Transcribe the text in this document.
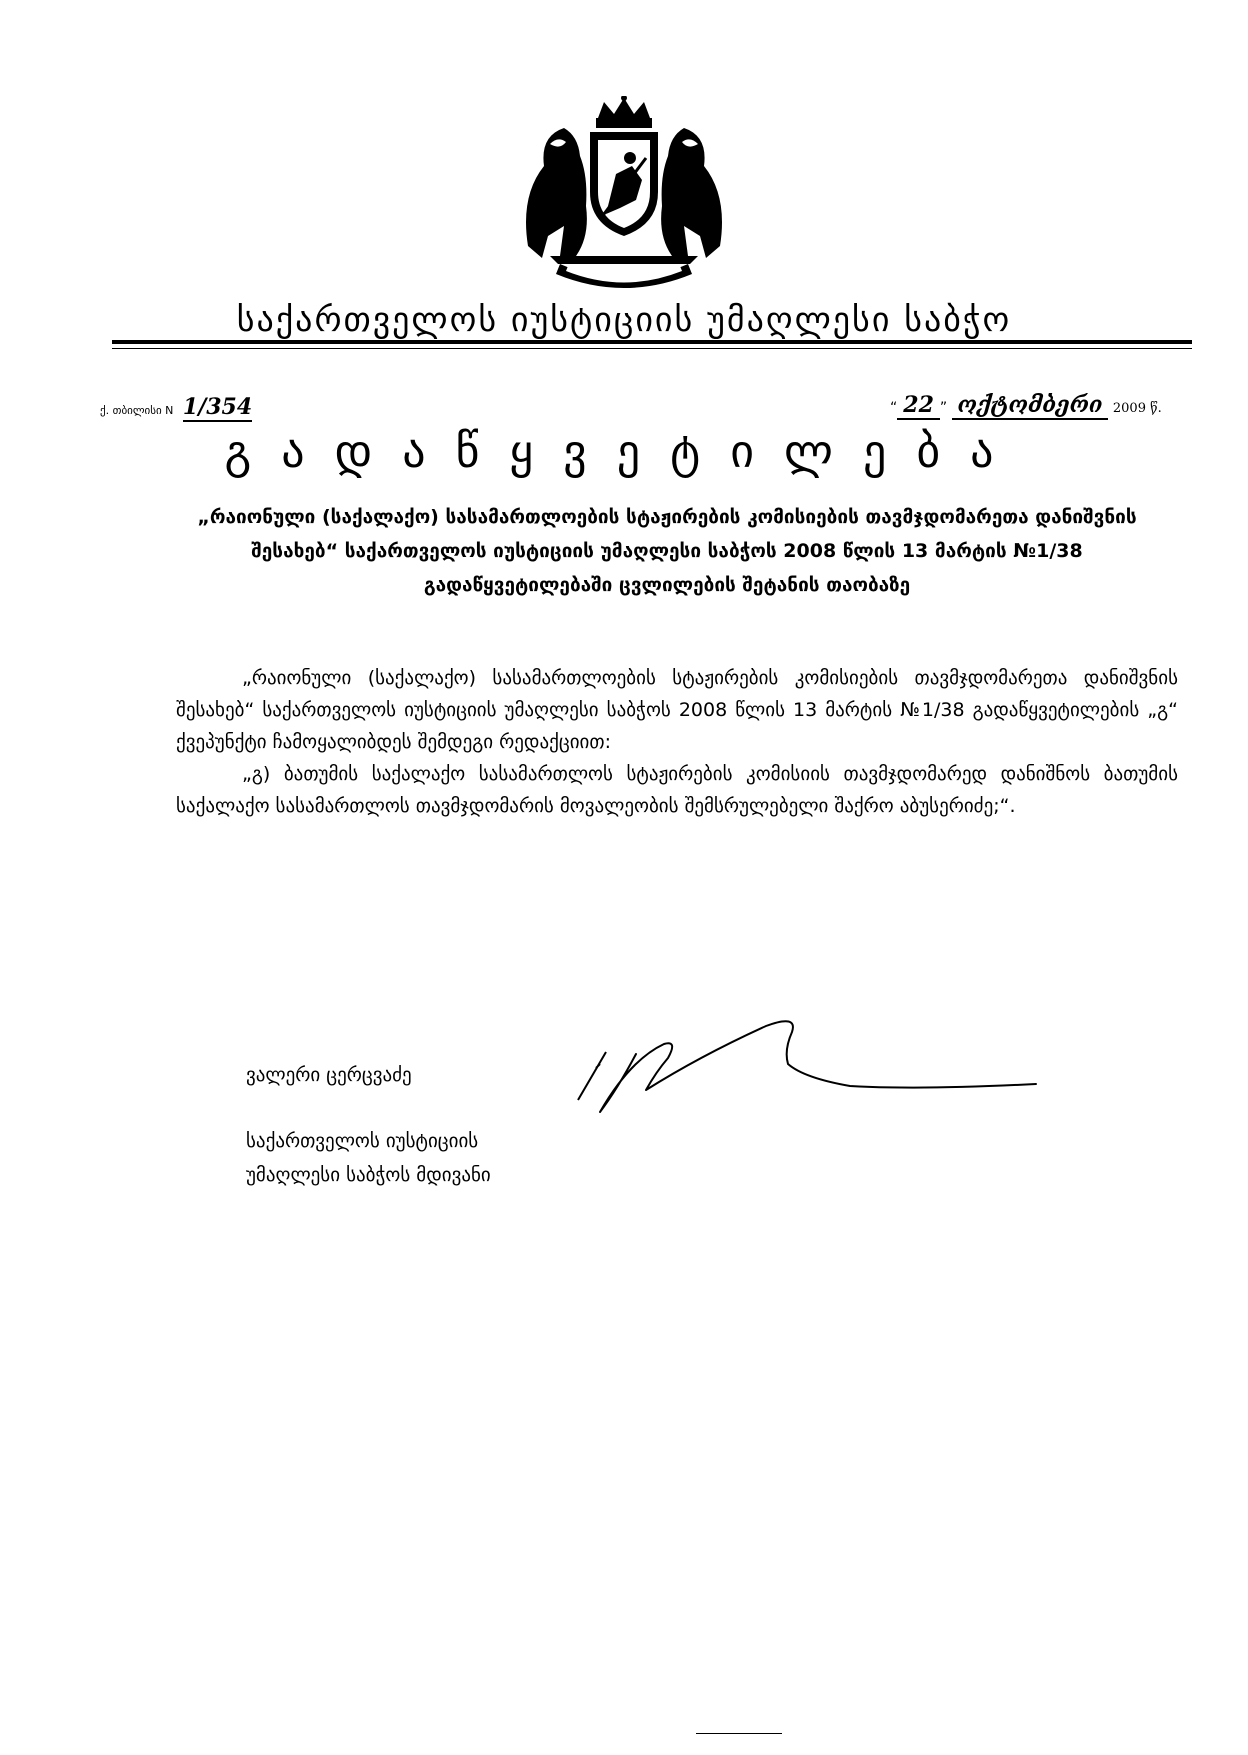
საქართველოს იუსტიციის უმაღლესი საბჭო
ქ. თბილისი N 1/354	“ 22 ” ოქტომბერი 2009 წ.
გადაწყვეტილება
„რაიონული (საქალაქო) სასამართლოების სტაჟირების კომისიების თავმჯდომარეთა დანიშვნის შესახებ“ საქართველოს იუსტიციის უმაღლესი საბჭოს 2008 წლის 13 მარტის №1/38 გადაწყვეტილებაში ცვლილების შეტანის თაობაზე

„რაიონული (საქალაქო) სასამართლოების სტაჟირების კომისიების თავმჯდომარეთა დანიშვნის შესახებ“ საქართველოს იუსტიციის უმაღლესი საბჭოს 2008 წლის 13 მარტის №1/38 გადაწყვეტილების „გ“ ქვეპუნქტი ჩამოყალიბდეს შემდეგი რედაქციით:

„გ) ბათუმის საქალაქო სასამართლოს სტაჟირების კომისიის თავმჯდომარედ დანიშნოს ბათუმის საქალაქო სასამართლოს თავმჯდომარის მოვალეობის შემსრულებელი შაქრო აბუსერიძე;“.

ვალერი ცერცვაძე
საქართველოს იუსტიციის
უმაღლესი საბჭოს მდივანი
